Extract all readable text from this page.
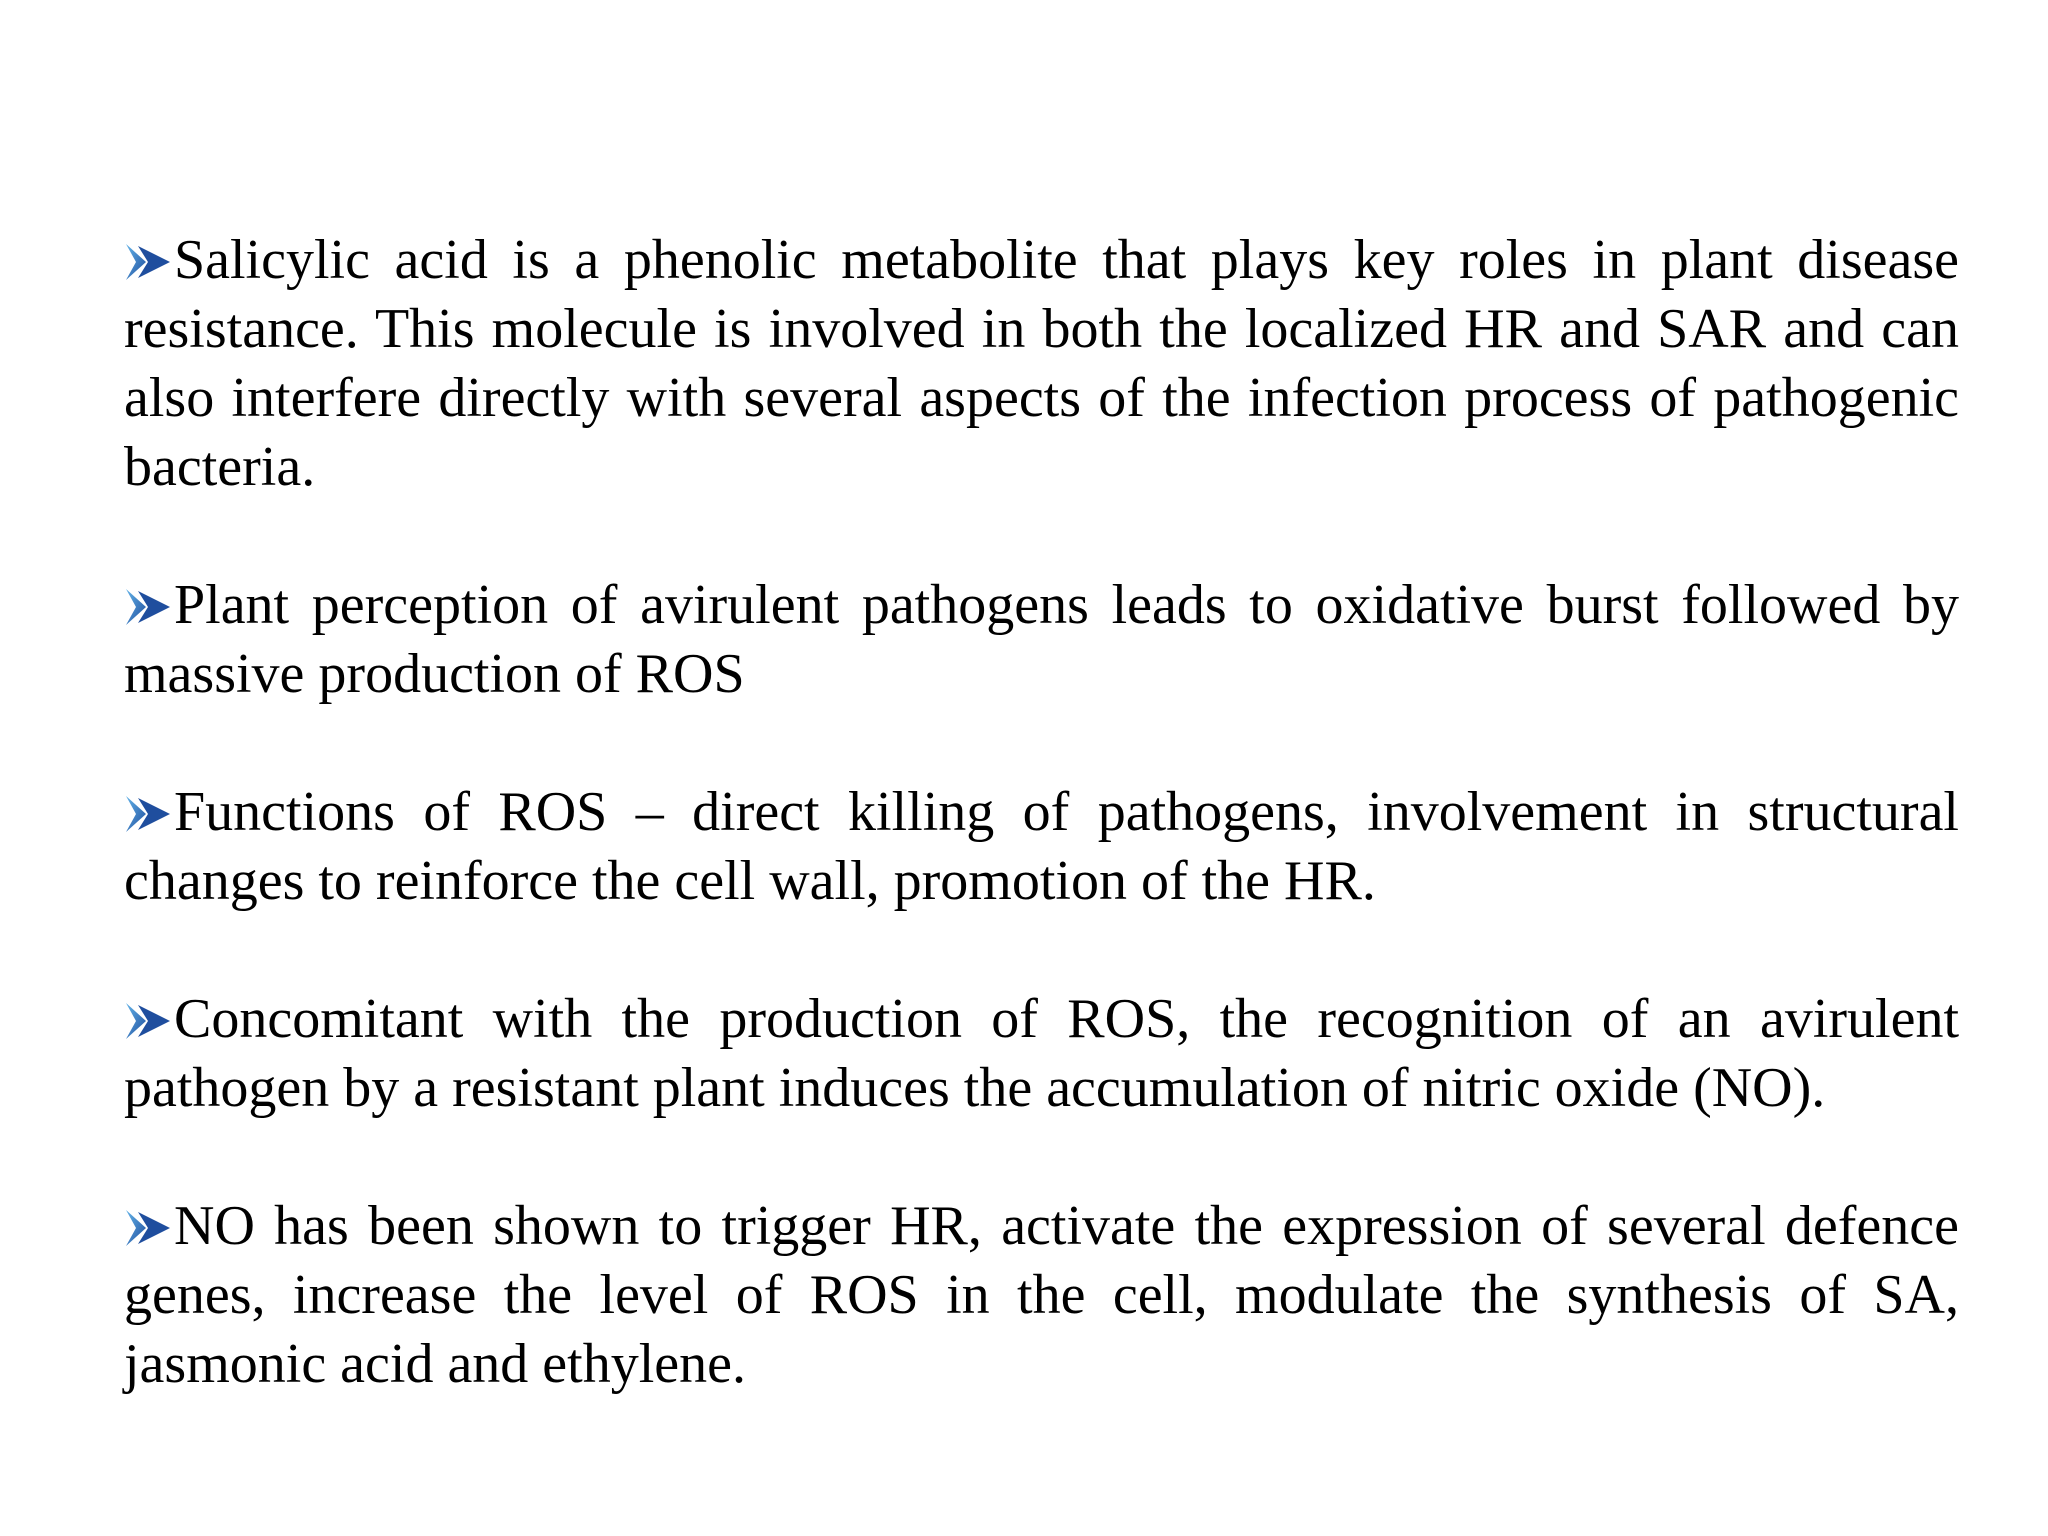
Salicylic acid is a phenolic metabolite that plays key roles in plant disease resistance. This molecule is involved in both the localized HR and SAR and can also interfere directly with several aspects of the infection process of pathogenic bacteria.

Plant perception of avirulent pathogens leads to oxidative burst followed by massive production of ROS

Functions of ROS – direct killing of pathogens, involvement in structural changes to reinforce the cell wall, promotion of the HR.

Concomitant with the production of ROS, the recognition of an avirulent pathogen by a resistant plant induces the accumulation of nitric oxide (NO).

NO has been shown to trigger HR, activate the expression of several defence genes, increase the level of ROS in the cell, modulate the synthesis of SA, jasmonic acid and ethylene.
